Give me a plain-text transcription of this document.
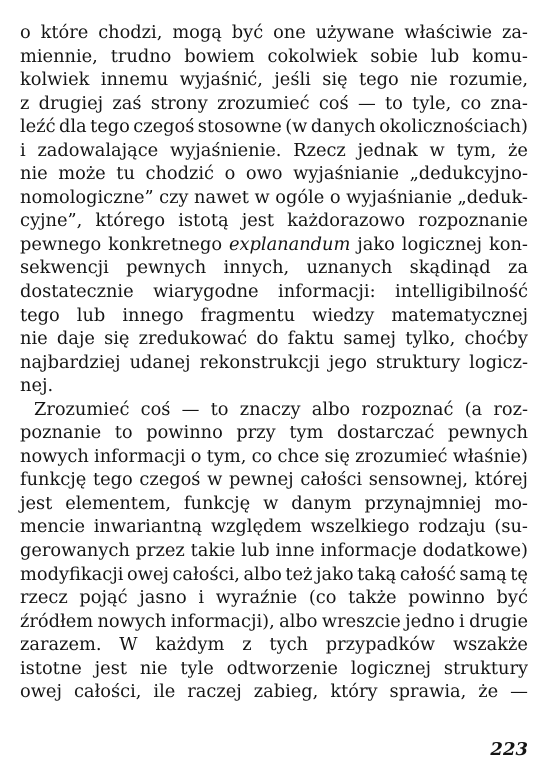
o które chodzi, mogą być one używane właściwie za-
miennie, trudno bowiem cokolwiek sobie lub komu-
kolwiek innemu wyjaśnić, jeśli się tego nie rozumie,
z drugiej zaś strony zrozumieć coś — to tyle, co zna-
leźć dla tego czegoś stosowne (w danych okolicznościach)
i zadowalające wyjaśnienie. Rzecz jednak w tym, że
nie może tu chodzić o owo wyjaśnianie „dedukcyjno-
nomologiczne” czy nawet w ogóle o wyjaśnianie „deduk-
cyjne”, którego istotą jest każdorazowo rozpoznanie
pewnego konkretnego explanandum jako logicznej kon-
sekwencji pewnych innych, uznanych skądinąd za
dostatecznie wiarygodne informacji: intelligibilność
tego lub innego fragmentu wiedzy matematycznej
nie daje się zredukować do faktu samej tylko, choćby
najbardziej udanej rekonstrukcji jego struktury logicz-
nej.
Zrozumieć coś — to znaczy albo rozpoznać (a roz-
poznanie to powinno przy tym dostarczać pewnych
nowych informacji o tym, co chce się zrozumieć właśnie)
funkcję tego czegoś w pewnej całości sensownej, której
jest elementem, funkcję w danym przynajmniej mo-
mencie inwariantną względem wszelkiego rodzaju (su-
gerowanych przez takie lub inne informacje dodatkowe)
modyfikacji owej całości, albo też jako taką całość samą tę
rzecz pojąć jasno i wyraźnie (co także powinno być
źródłem nowych informacji), albo wreszcie jedno i drugie
zarazem. W każdym z tych przypadków wszakże
istotne jest nie tyle odtworzenie logicznej struktury
owej całości, ile raczej zabieg, który sprawia, że —
223
